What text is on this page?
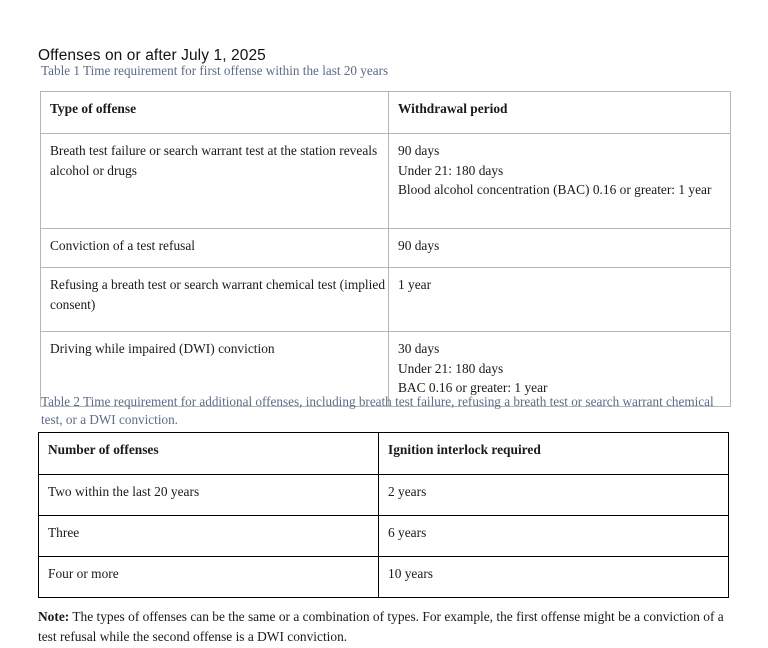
Offenses on or after July 1, 2025
Table 1 Time requirement for first offense within the last 20 years
Type of offense	Withdrawal period
Breath test failure or search warrant test at the station reveals alcohol or drugs	90 days
Under 21: 180 days
Blood alcohol concentration (BAC) 0.16 or greater: 1 year

Conviction of a test refusal	90 days

Refusing a breath test or search warrant chemical test (implied consent)	1 year

Driving while impaired (DWI) conviction	30 days
Under 21: 180 days
BAC 0.16 or greater: 1 year
Table 2 Time requirement for additional offenses, including breath test failure, refusing a breath test or search warrant chemical test, or a DWI conviction.
Number of offenses	Ignition interlock required
Two within the last 20 years	2 years
Three	6 years
Four or more	10 years

Note: The types of offenses can be the same or a combination of types. For example, the first offense might be a conviction of a test refusal while the second offense is a DWI conviction.
